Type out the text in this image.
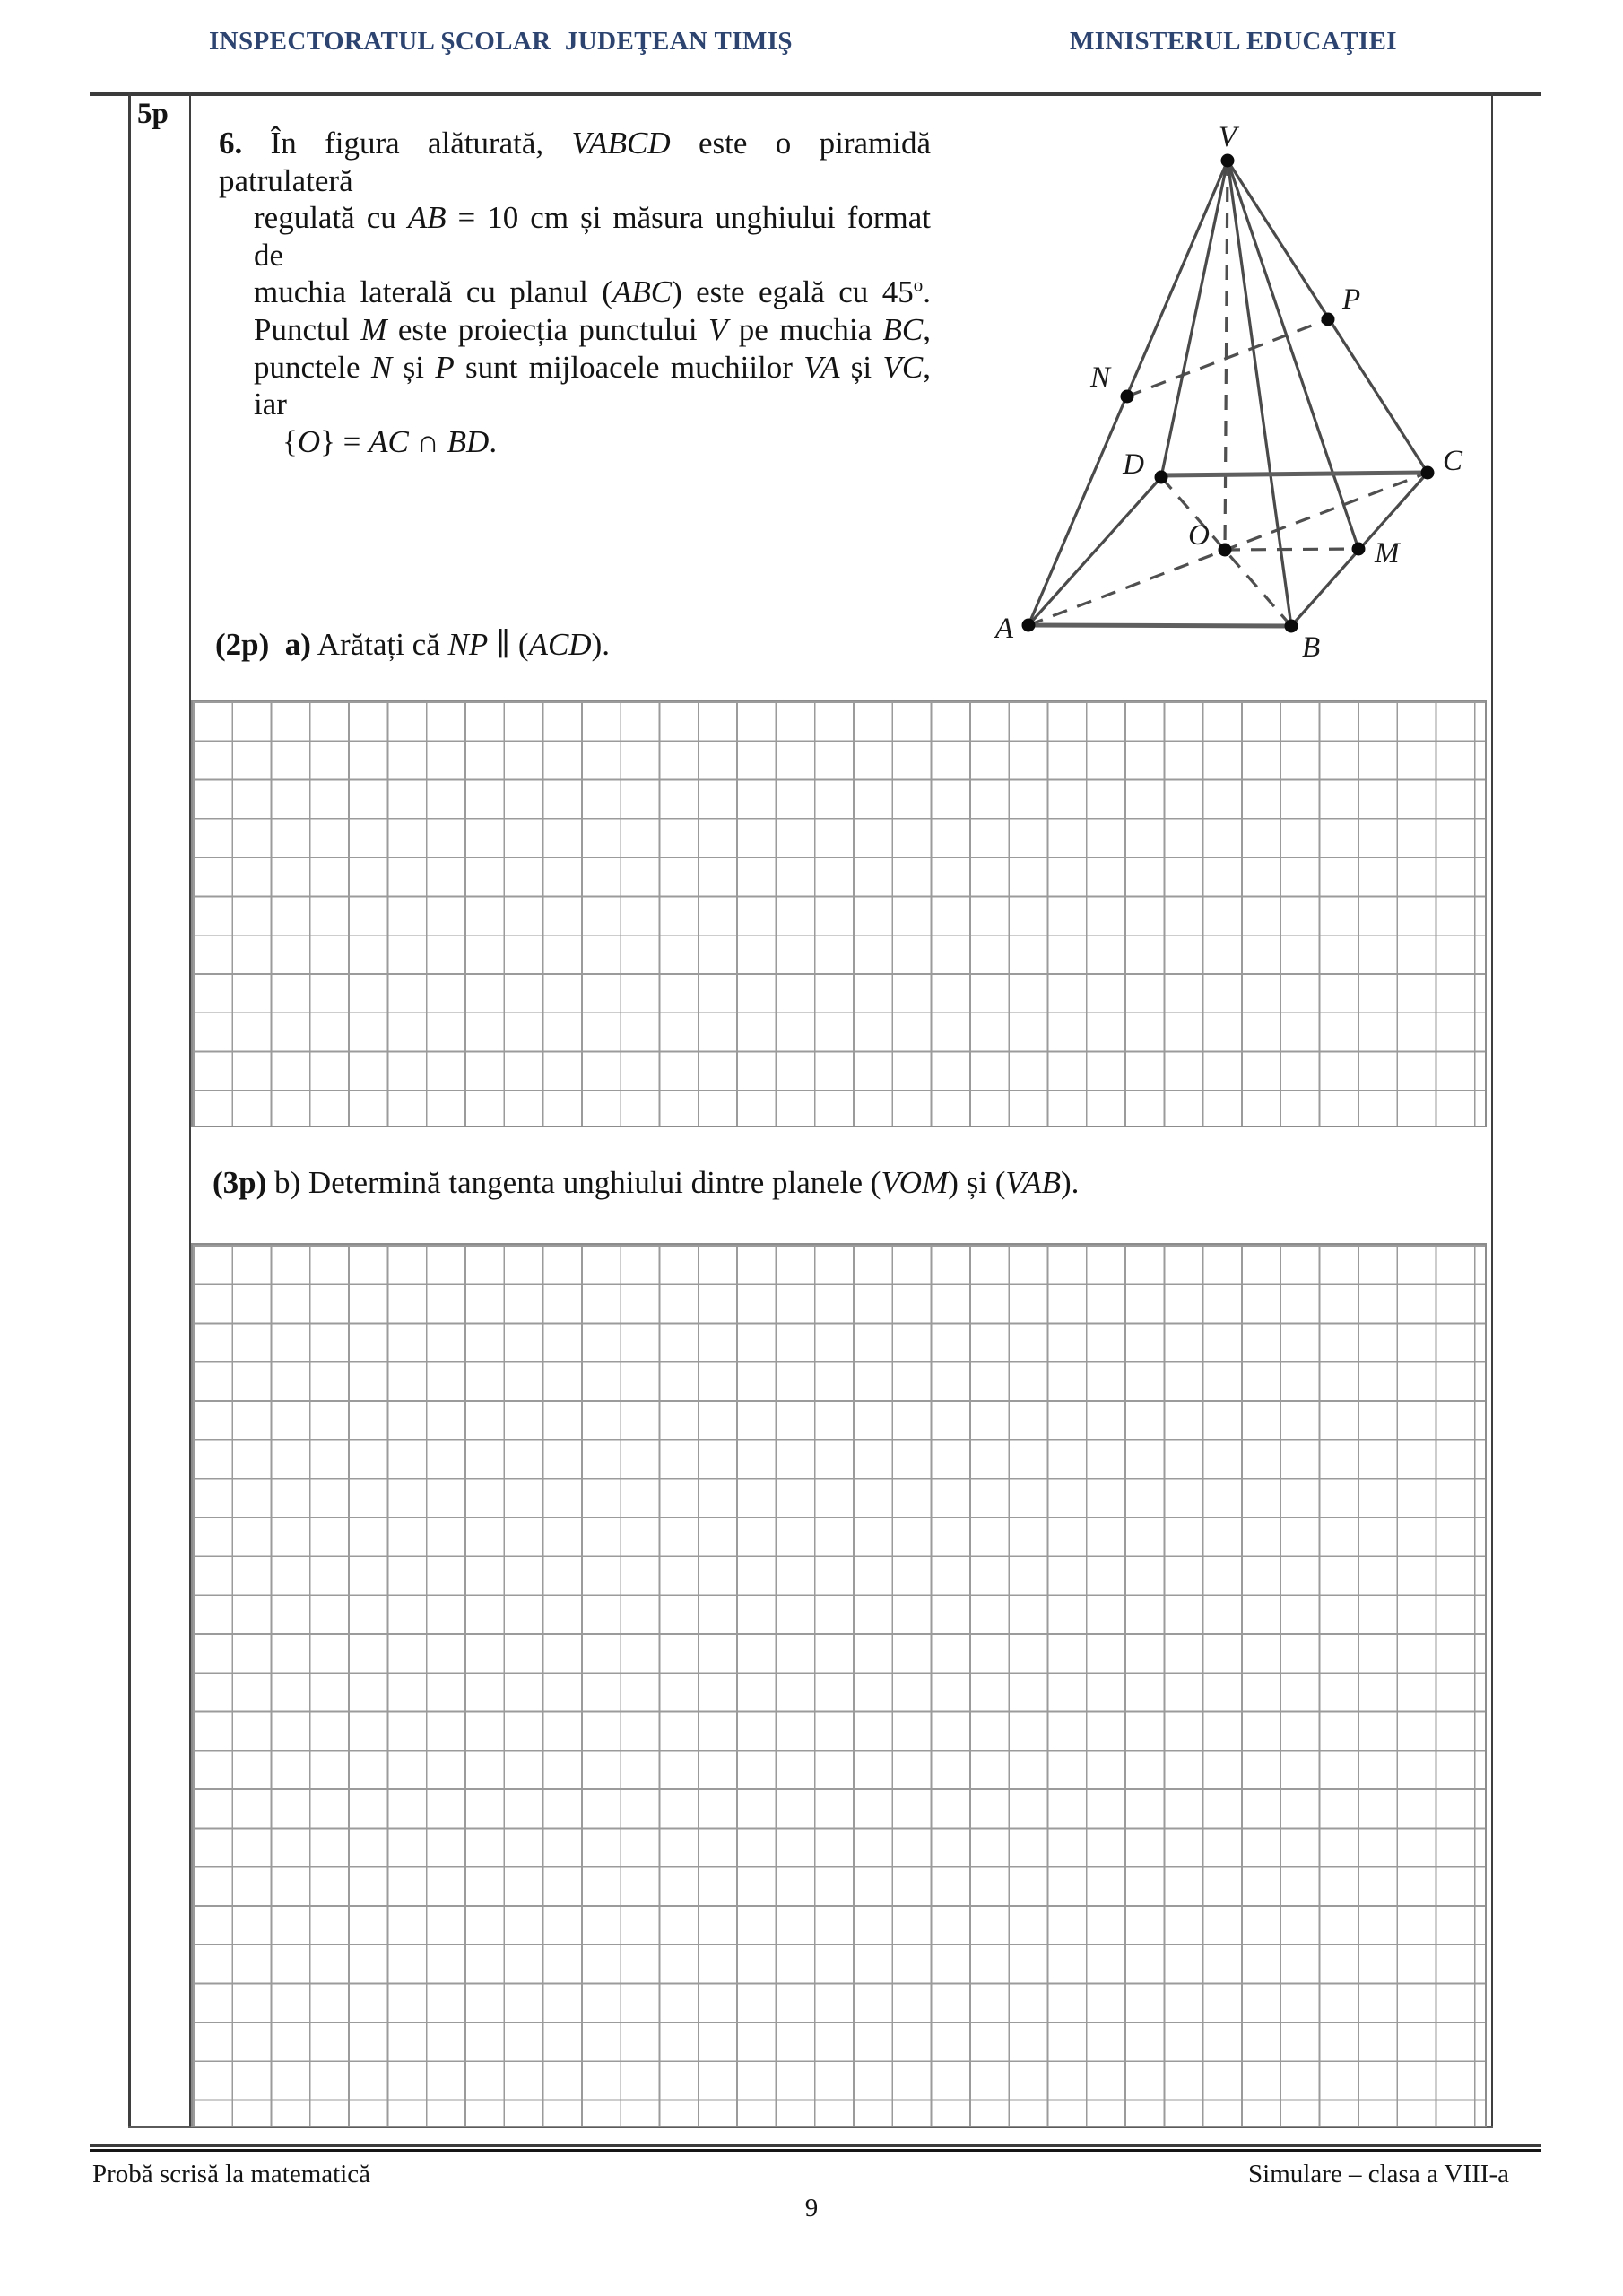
INSPECTORATUL ŞCOLAR  JUDEŢEAN TIMIŞ	MINISTERUL EDUCAŢIEI
5p
6. În figura alăturată, VABCD este o piramidă patrulateră
regulată cu AB = 10 cm și măsura unghiului format de
muchia laterală cu planul (ABC) este egală cu 45$^o$.
Punctul M este proiecția punctului V pe muchia BC,
punctele N și P sunt mijloacele muchiilor VA și VC, iar
{O} = AC ∩ BD.
V
P
N
D	C
O
M
A
B
(2p) a) Arătați că NP ∥ (ACD).
(3p) b) Determină tangenta unghiului dintre planele (VOM) și (VAB).
Probă scrisă la matematică	Simulare – clasa a VIII-a
9
